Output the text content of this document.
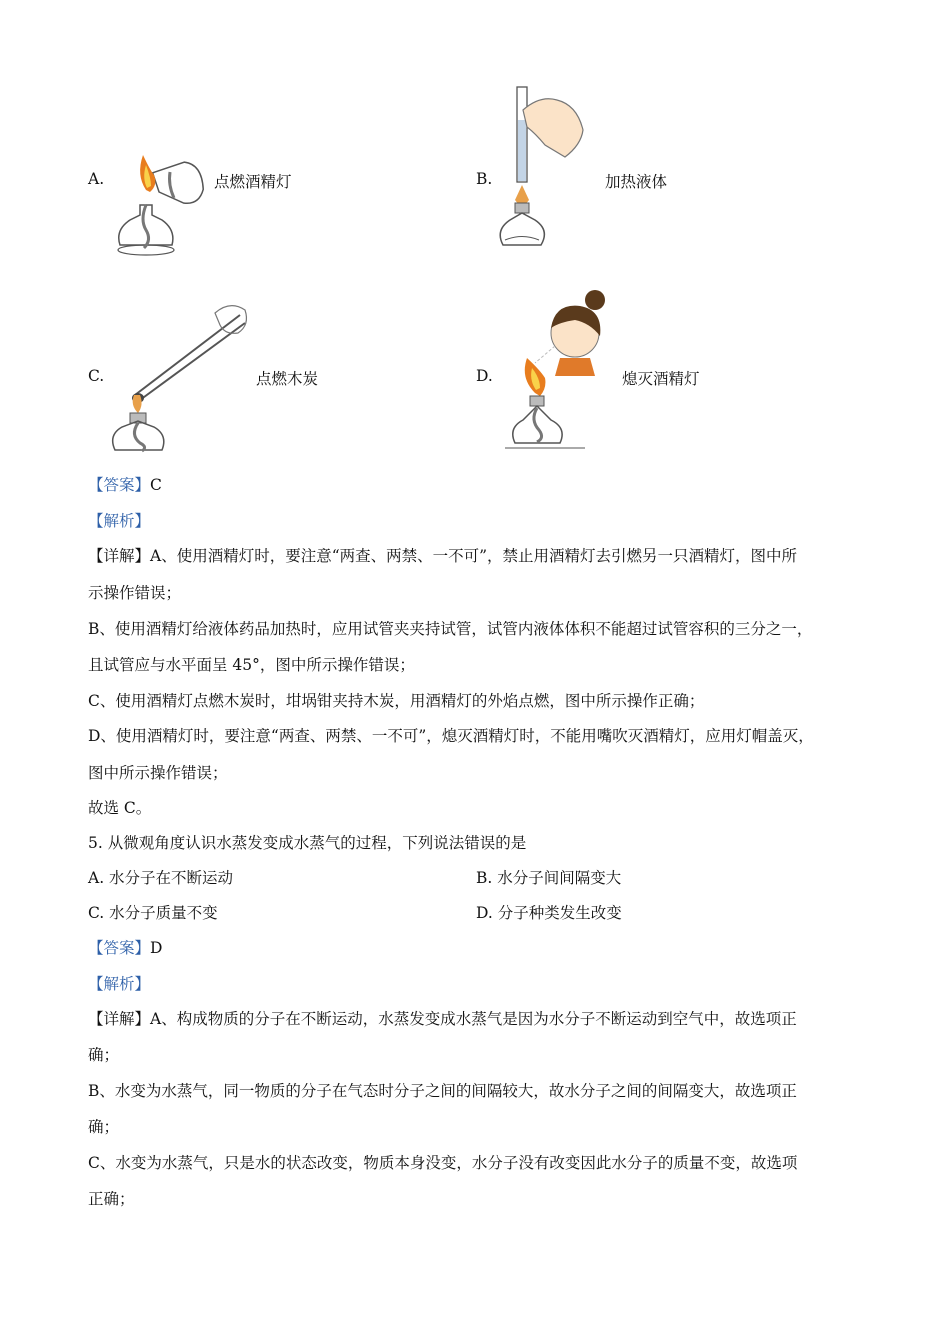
A.	点燃酒精灯	B.	加热液体
C.	点燃木炭	D.	熄灭酒精灯
【答案】C
【解析】
【详解】A、使用酒精灯时，要注意“两查、两禁、一不可”，禁止用酒精灯去引燃另一只酒精灯，图中所
示操作错误；
B、使用酒精灯给液体药品加热时，应用试管夹夹持试管，试管内液体体积不能超过试管容积的三分之一，
且试管应与水平面呈 45°，图中所示操作错误；
C、使用酒精灯点燃木炭时，坩埚钳夹持木炭，用酒精灯的外焰点燃，图中所示操作正确；
D、使用酒精灯时，要注意“两查、两禁、一不可”，熄灭酒精灯时，不能用嘴吹灭酒精灯，应用灯帽盖灭，
图中所示操作错误；
故选 C。
5. 从微观角度认识水蒸发变成水蒸气的过程，下列说法错误的是
A. 水分子在不断运动	B. 水分子间间隔变大
C. 水分子质量不变	D. 分子种类发生改变
【答案】D
【解析】
【详解】A、构成物质的分子在不断运动，水蒸发变成水蒸气是因为水分子不断运动到空气中，故选项正
确；
B、水变为水蒸气，同一物质的分子在气态时分子之间的间隔较大，故水分子之间的间隔变大，故选项正
确；
C、水变为水蒸气，只是水的状态改变，物质本身没变，水分子没有改变因此水分子的质量不变，故选项
正确；
